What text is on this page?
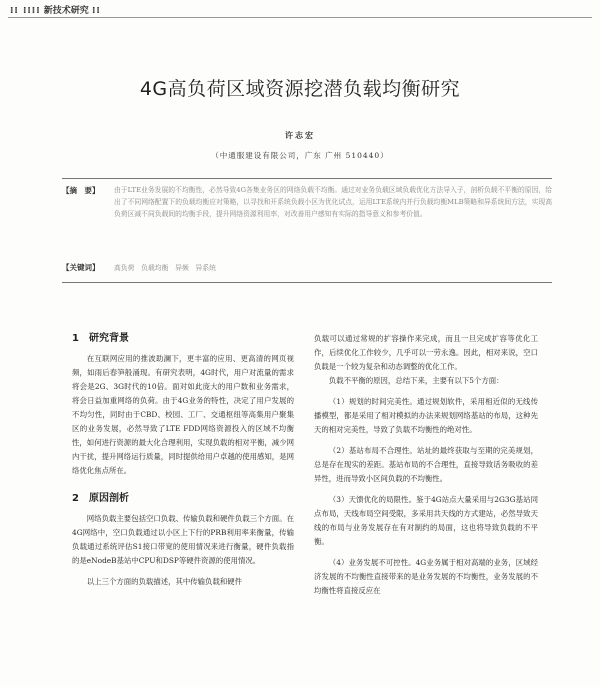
⁞⁞ ⁞⁞⁞⁞ 新技术研究 ⁞⁞
4G高负荷区域资源挖潜负载均衡研究
许志宏
（中通服建设有限公司，广东 广州 510440）
【摘　要】	由于LTE业务发展的不均衡性，必然导致4G各集业务区的网络负载不均衡。通过对业务负载区域负载优化方法导入子，剖析负载不平衡的原因，给出了不同网络配置下的负载均衡应对策略，以寻找和开系统负载小区为优化试点，运用LTE系统内并行负载均衡MLB策略和异系统间方法，实现高负荷区减不同负载间的均衡手段，提升网络资源利用率，对改善用户感知有实际的指导意义和参考价值。
【关键词】	高负荷　负载均衡　异频　异系统
1　研究背景

在互联网应用的推波助澜下，更丰富的应用、更高清的网页视频，如雨后春笋般涌现。有研究表明，4G时代，用户对流量的需求将会是2G、3G时代的10倍。面对如此庞大的用户数和业务需求，将会日益加重网络的负荷。由于4G业务的特性，决定了用户发展的不均匀性，同时由于CBD、校园、工厂、交通枢纽等高集用户聚集区的业务发展，必然导致了LTE FDD网络资源投入的区域不均衡性，如何进行资源的最大化合理利用，实现负载的相对平衡，减少网内干扰，提升网络运行质量，同时提供给用户卓越的使用感知，是网络优化焦点所在。

2　原因剖析

网络负载主要包括空口负载、传输负载和硬件负载三个方面。在4G网络中，空口负载通过以小区上下行的PRB利用率来衡量，传输负载通过系统评估S1接口带宽的使用情况来进行衡量，硬件负载指的是eNodeB基站中CPU和DSP等硬件资源的使用情况。

以上三个方面的负载描述，其中传输负载和硬件

负载可以通过常规的扩容操作来完成，而且一旦完成扩容等优化工作，后续优化工作较少，几乎可以一劳永逸。因此，相对来说，空口负载是一个较为复杂和动态调整的优化工作。

负载不平衡的原因，总结下来，主要有以下5个方面：

（1）规划的时间完美性。通过规划软件，采用相近似的无线传播模型，都是采用了相对模拟的办法来规划网络基站的布局，这种先天的相对完美性，导致了负载不均衡性的绝对性。

（2）基站布局不合理性。站址的最终获取与至期的完美规划，总是存在现实的差距。基站布局的不合理性，直接导致话务吸收的差异性，进而导致小区间负载的不均衡性。

（3）天馈优化的局限性。鉴于4G站点大量采用与2G3G基站同点布局，天线布局空间受限，多采用共天线的方式建站，必然导致天线的布局与业务发展存在有对制约的局面，这也将导致负载的不平衡。

（4）业务发展不可控性。4G业务属于相对高端的业务，区域经济发展的不均衡性直接带来的是业务发展的不均衡性，业务发展的不均衡性将直接反应在
